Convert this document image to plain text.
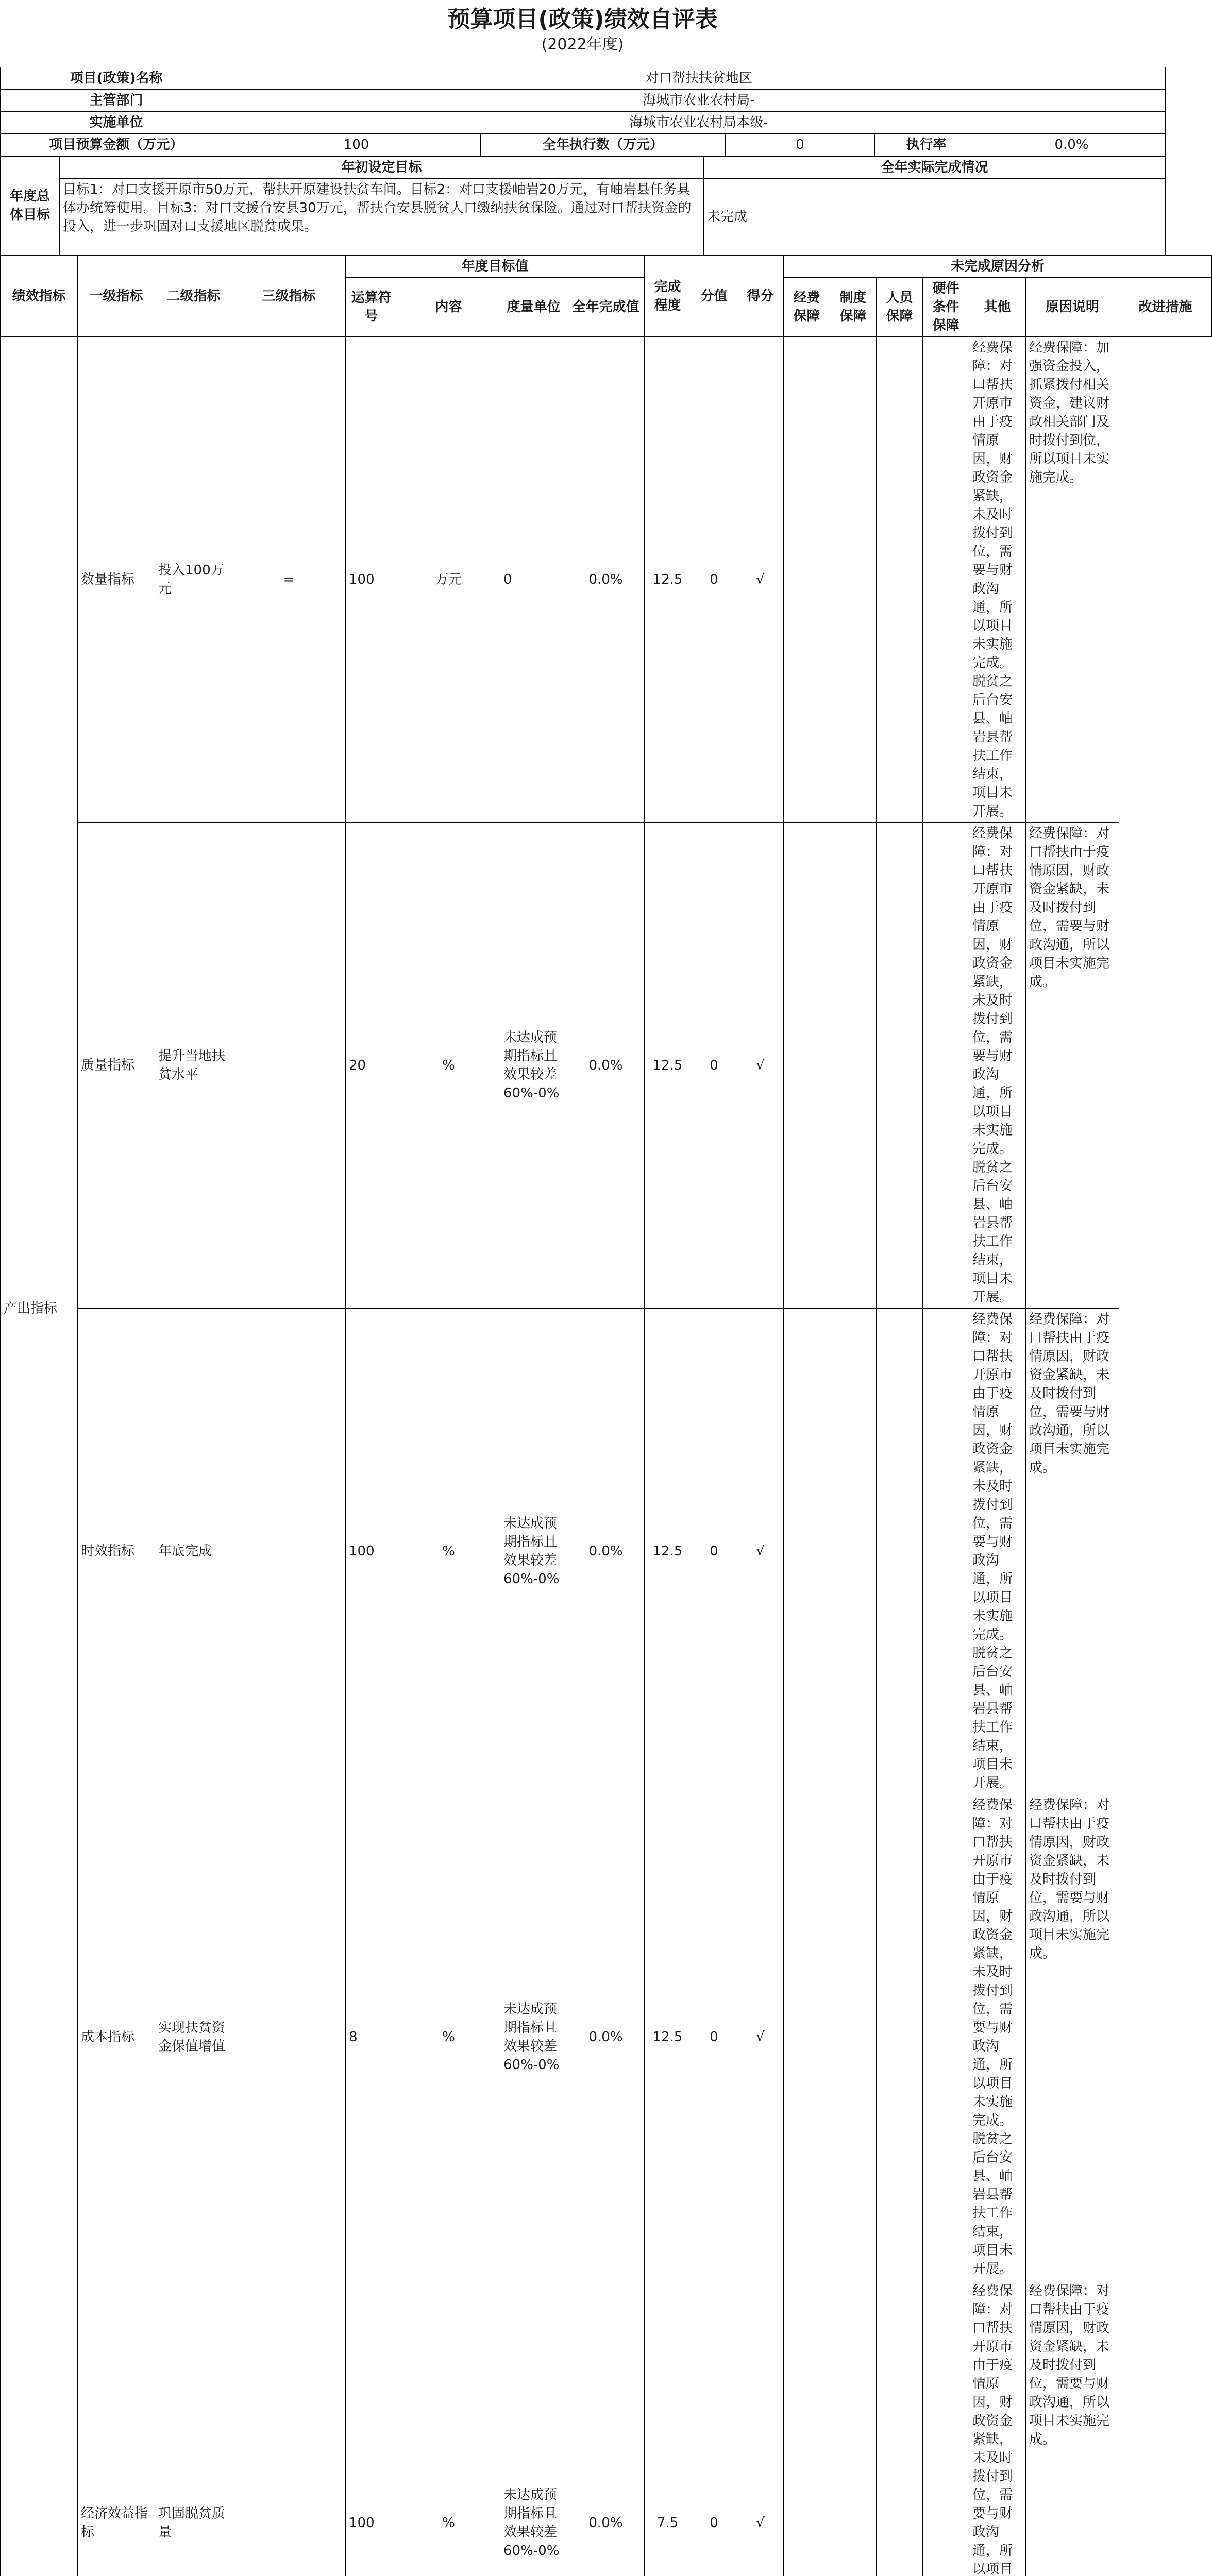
预算项目(政策)绩效自评表
(2022年度)
项目(政策)名称	对口帮扶扶贫地区				
主管部门	海城市农业农村局-				
实施单位	海城市农业农村局本级-				
项目预算金额（万元）	100	全年执行数（万元）	0	执行率	0.0%
年度总体目标	年初设定目标	全年实际完成情况
	目标1：对口支援开原市50万元，帮扶开原建设扶贫车间。目标2：对口支援岫岩20万元，有岫岩县任务具体办统筹使用。目标3：对口支援台安县30万元，帮扶台安县脱贫人口缴纳扶贫保险。通过对口帮扶资金的投入，进一步巩固对口支援地区脱贫成果。	未完成
绩效指标	一级指标	二级指标	三级指标	年度目标值				完成程度	分值	得分	未完成原因分析						
				运算符号	内容	度量单位	全年完成值				经费保障	制度保障	人员保障	硬件条件保障	其他	原因说明	改进措施

产出指标	数量指标	投入100万元	=	100	万元	0	0.0%	12.5	0	√					经费保障：对口帮扶开原市由于疫情原因，财政资金紧缺，未及时拨付到位，需要与财政沟通，所以项目未实施完成。脱贫之后台安县、岫岩县帮扶工作结束，项目未开展。	经费保障：加强资金投入，抓紧拨付相关资金，建议财政相关部门及时拨付到位，所以项目未实施完成。	
	质量指标	提升当地扶贫水平		20	%	未达成预期指标且效果较差60%-0%	0.0%	12.5	0	√					经费保障：对口帮扶开原市由于疫情原因，财政资金紧缺，未及时拨付到位，需要与财政沟通，所以项目未实施完成。脱贫之后台安县、岫岩县帮扶工作结束，项目未开展。	经费保障：对口帮扶由于疫情原因，财政资金紧缺，未及时拨付到位，需要与财政沟通，所以项目未实施完成。	
	时效指标	年底完成		100	%	未达成预期指标且效果较差60%-0%	0.0%	12.5	0	√					经费保障：对口帮扶开原市由于疫情原因，财政资金紧缺，未及时拨付到位，需要与财政沟通，所以项目未实施完成。脱贫之后台安县、岫岩县帮扶工作结束，项目未开展。	经费保障：对口帮扶由于疫情原因，财政资金紧缺，未及时拨付到位，需要与财政沟通，所以项目未实施完成。	
	成本指标	实现扶贫资金保值增值		8	%	未达成预期指标且效果较差60%-0%	0.0%	12.5	0	√					经费保障：对口帮扶开原市由于疫情原因，财政资金紧缺，未及时拨付到位，需要与财政沟通，所以项目未实施完成。脱贫之后台安县、岫岩县帮扶工作结束，项目未开展。	经费保障：对口帮扶由于疫情原因，财政资金紧缺，未及时拨付到位，需要与财政沟通，所以项目未实施完成。	
	经济效益指标	巩固脱贫质量		100	%	未达成预期指标且效果较差60%-0%	0.0%	7.5	0	√					经费保障：对口帮扶开原市由于疫情原因，财政资金紧缺，未及时拨付到位，需要与财政沟通，所以项目	经费保障：对口帮扶由于疫情原因，财政资金紧缺，未及时拨付到位，需要与财政沟通，所以项目未实施完成。	
